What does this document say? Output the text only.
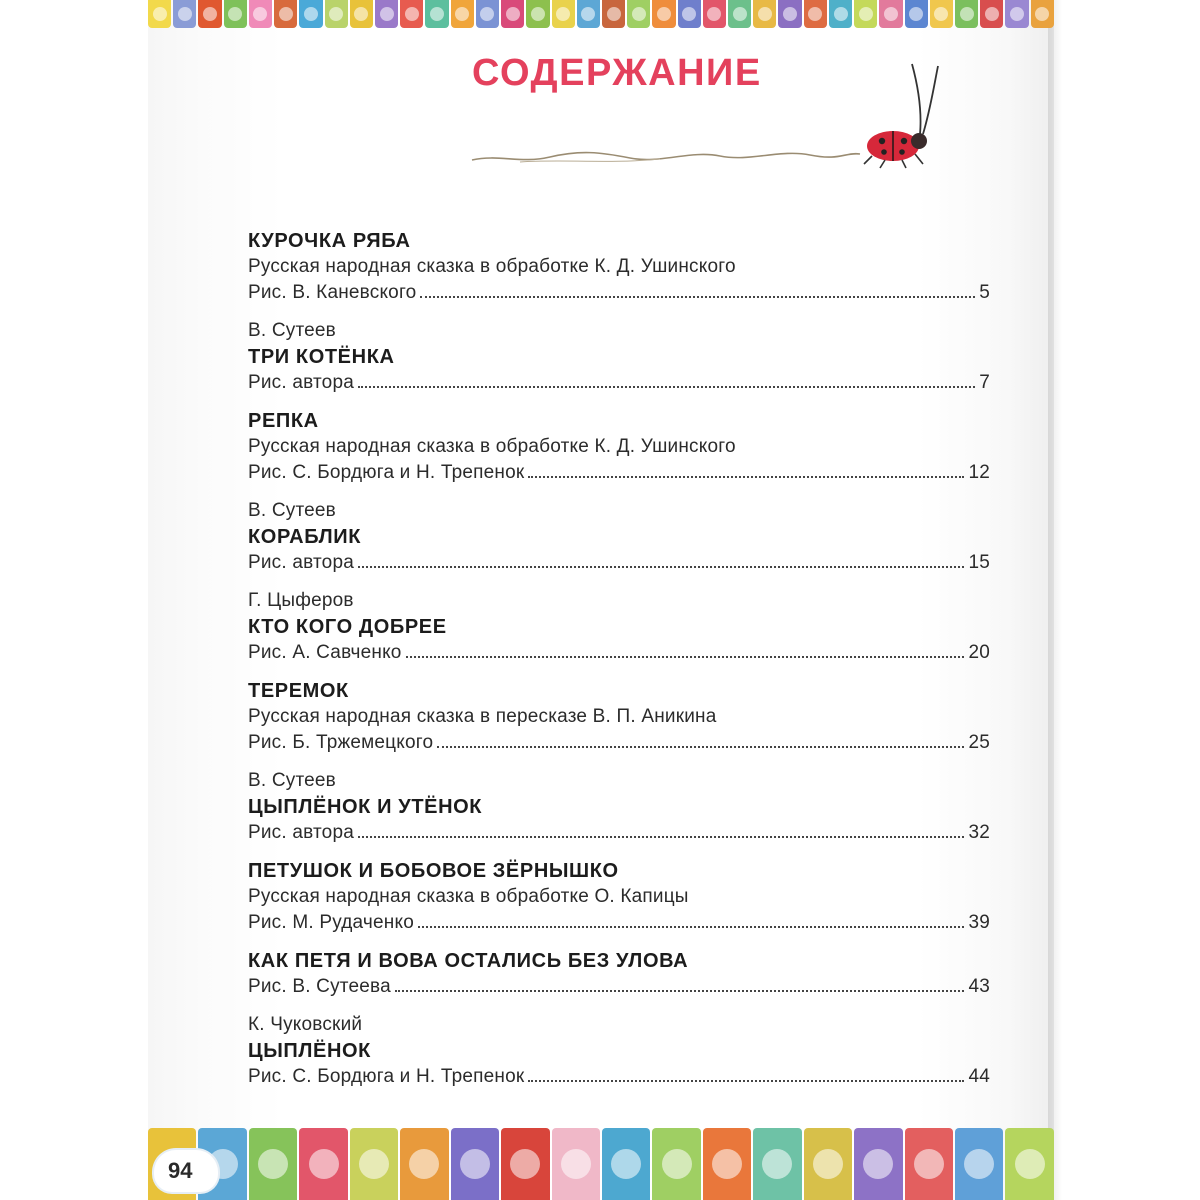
94
СОДЕРЖАНИЕ
КУРОЧКА РЯБА
Русская народная сказка в обработке К. Д. Ушинского
Рис. В. Каневского	5
В. Сутеев
ТРИ КОТЁНКА
Рис. автора	7
РЕПКА
Русская народная сказка в обработке К. Д. Ушинского
Рис. С. Бордюга и Н. Трепенок	12
В. Сутеев
КОРАБЛИК
Рис. автора	15
Г. Цыферов
КТО КОГО ДОБРЕЕ
Рис. А. Савченко	20
ТЕРЕМОК
Русская народная сказка в пересказе В. П. Аникина
Рис. Б. Тржемецкого	25
В. Сутеев
ЦЫПЛЁНОК И УТЁНОК
Рис. автора	32
ПЕТУШОК И БОБОВОЕ ЗЁРНЫШКО
Русская народная сказка в обработке О. Капицы
Рис. М. Рудаченко	39
КАК ПЕТЯ И ВОВА ОСТАЛИСЬ БЕЗ УЛОВА
Рис. В. Сутеева	43
К. Чуковский
ЦЫПЛЁНОК
Рис. С. Бордюга и Н. Трепенок	44
